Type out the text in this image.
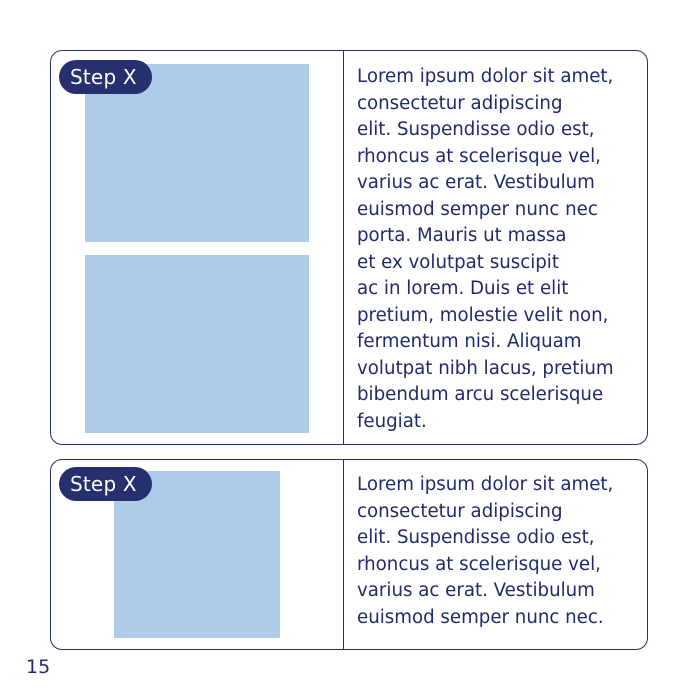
Step X	Lorem ipsum dolor sit amet,
consectetur adipiscing
elit. Suspendisse odio est,
rhoncus at scelerisque vel,
varius ac erat. Vestibulum
euismod semper nunc nec
porta. Mauris ut massa
et ex volutpat suscipit
ac in lorem. Duis et elit
pretium, molestie velit non,
fermentum nisi. Aliquam
volutpat nibh lacus, pretium
bibendum arcu scelerisque
feugiat.
Step X	Lorem ipsum dolor sit amet,
consectetur adipiscing
elit. Suspendisse odio est,
rhoncus at scelerisque vel,
varius ac erat. Vestibulum
euismod semper nunc nec.
15
